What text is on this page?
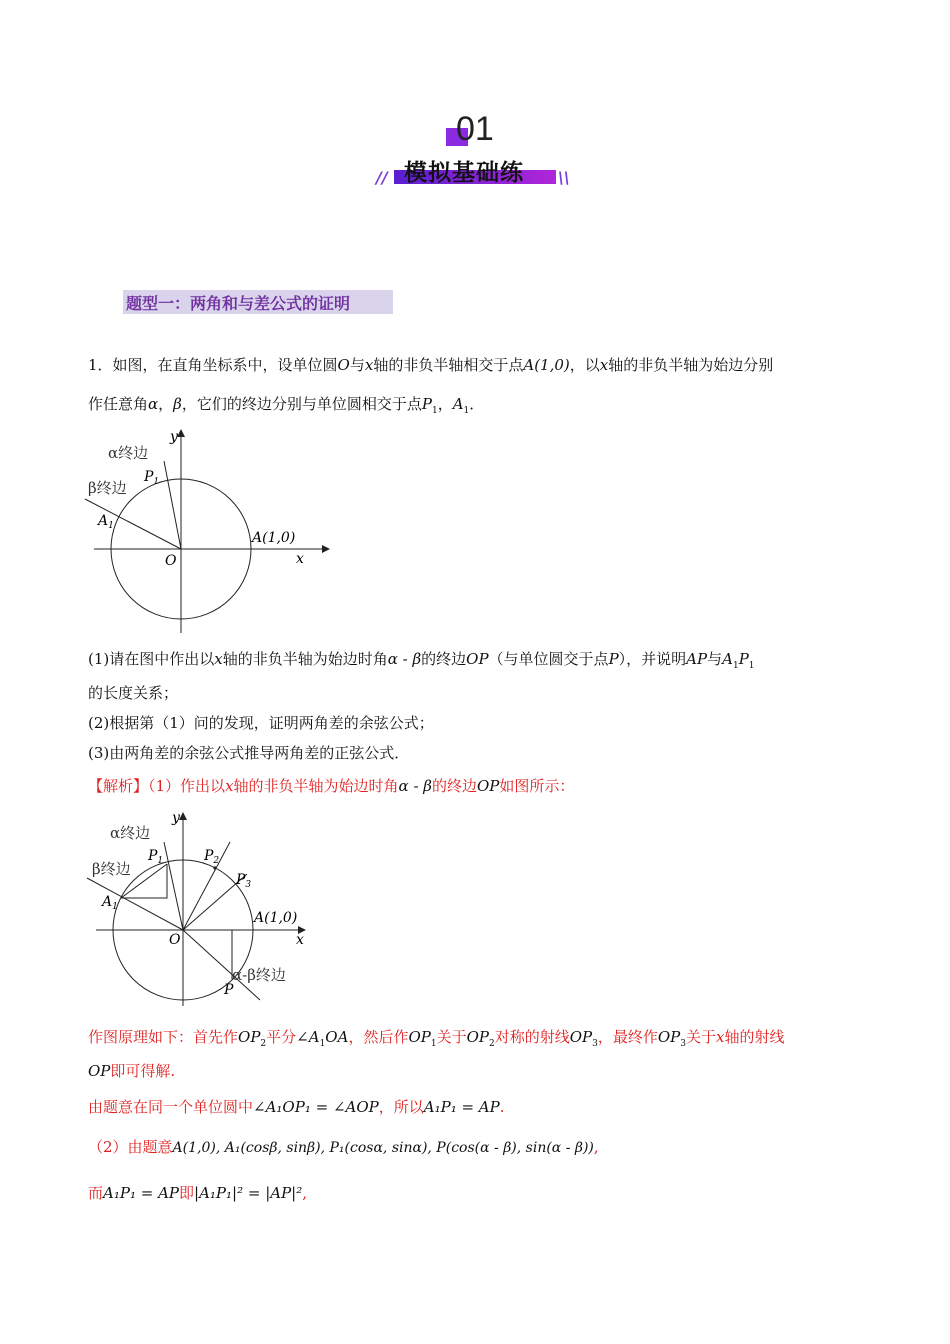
01
模拟基础练
//	\\
题型一：两角和与差公式的证明
1．如图，在直角坐标系中，设单位圆O与x轴的非负半轴相交于点A(1,0)，以x轴的非负半轴为始边分别
作任意角α，β，它们的终边分别与单位圆相交于点$P_1$，$A_1$．
y
x
O
A(1,0)
α终边
β终边
$P_1$
$A_1$
(1)请在图中作出以x轴的非负半轴为始边时角α - β的终边OP（与单位圆交于点P），并说明AP与$A_1P_1$
的长度关系；
(2)根据第（1）问的发现，证明两角差的余弦公式；
(3)由两角差的余弦公式推导两角差的正弦公式．
【解析】（1）作出以x轴的非负半轴为始边时角α - β的终边OP如图所示：
y
x
O
A(1,0)
α终边
β终边
$P_1$	$P_2$
$P_3$
$A_1$
P
α-β终边
作图原理如下：首先作$OP_2$平分$\angle A_1OA$，然后作$OP_1$关于$OP_2$对称的射线$OP_3$，最终作$OP_3$关于x轴的射线
OP即可得解.
由题意在同一个单位圆中∠A₁OP₁ = ∠AOP，所以A₁P₁ = AP.
（2）由题意A(1,0), A₁(cosβ, sinβ), P₁(cosα, sinα), P(cos(α - β), sin(α - β)),
而A₁P₁ = AP即|A₁P₁|² = |AP|²,
